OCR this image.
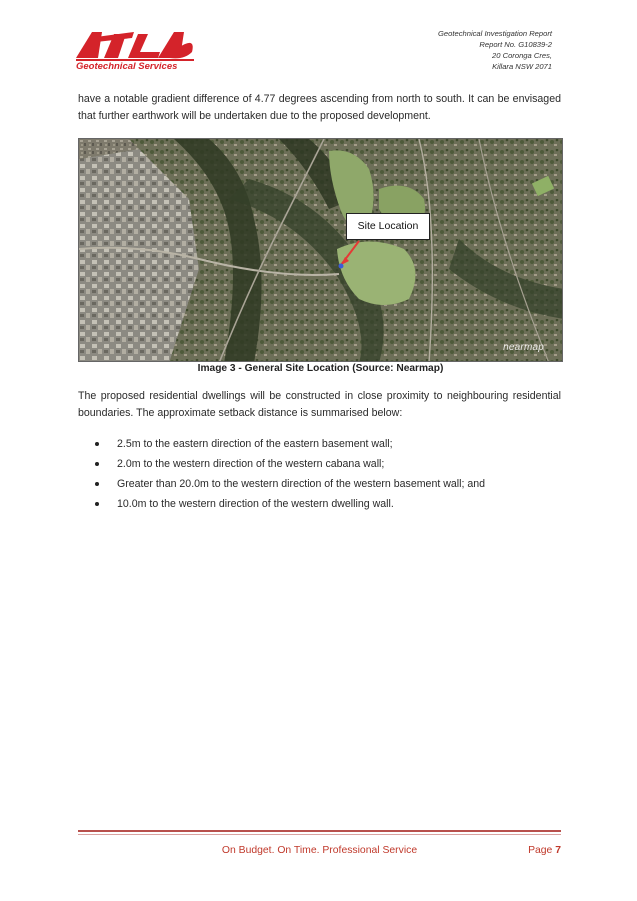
Geotechnical Services
Geotechnical Investigation Report
Report No. G10839-2
20 Coronga Cres,
Killara NSW 2071

have a notable gradient difference of 4.77 degrees ascending from north to south. It can be envisaged that further earthwork will be undertaken due to the proposed development.

Site Location
nearmap
Image 3 - General Site Location (Source: Nearmap)

The proposed residential dwellings will be constructed in close proximity to neighbouring residential boundaries. The approximate setback distance is summarised below:

2.5m to the eastern direction of the eastern basement wall;
2.0m to the western direction of the western cabana wall;
Greater than 20.0m to the western direction of the western basement wall; and
10.0m to the western direction of the western dwelling wall.
On Budget. On Time. Professional Service	Page 7
